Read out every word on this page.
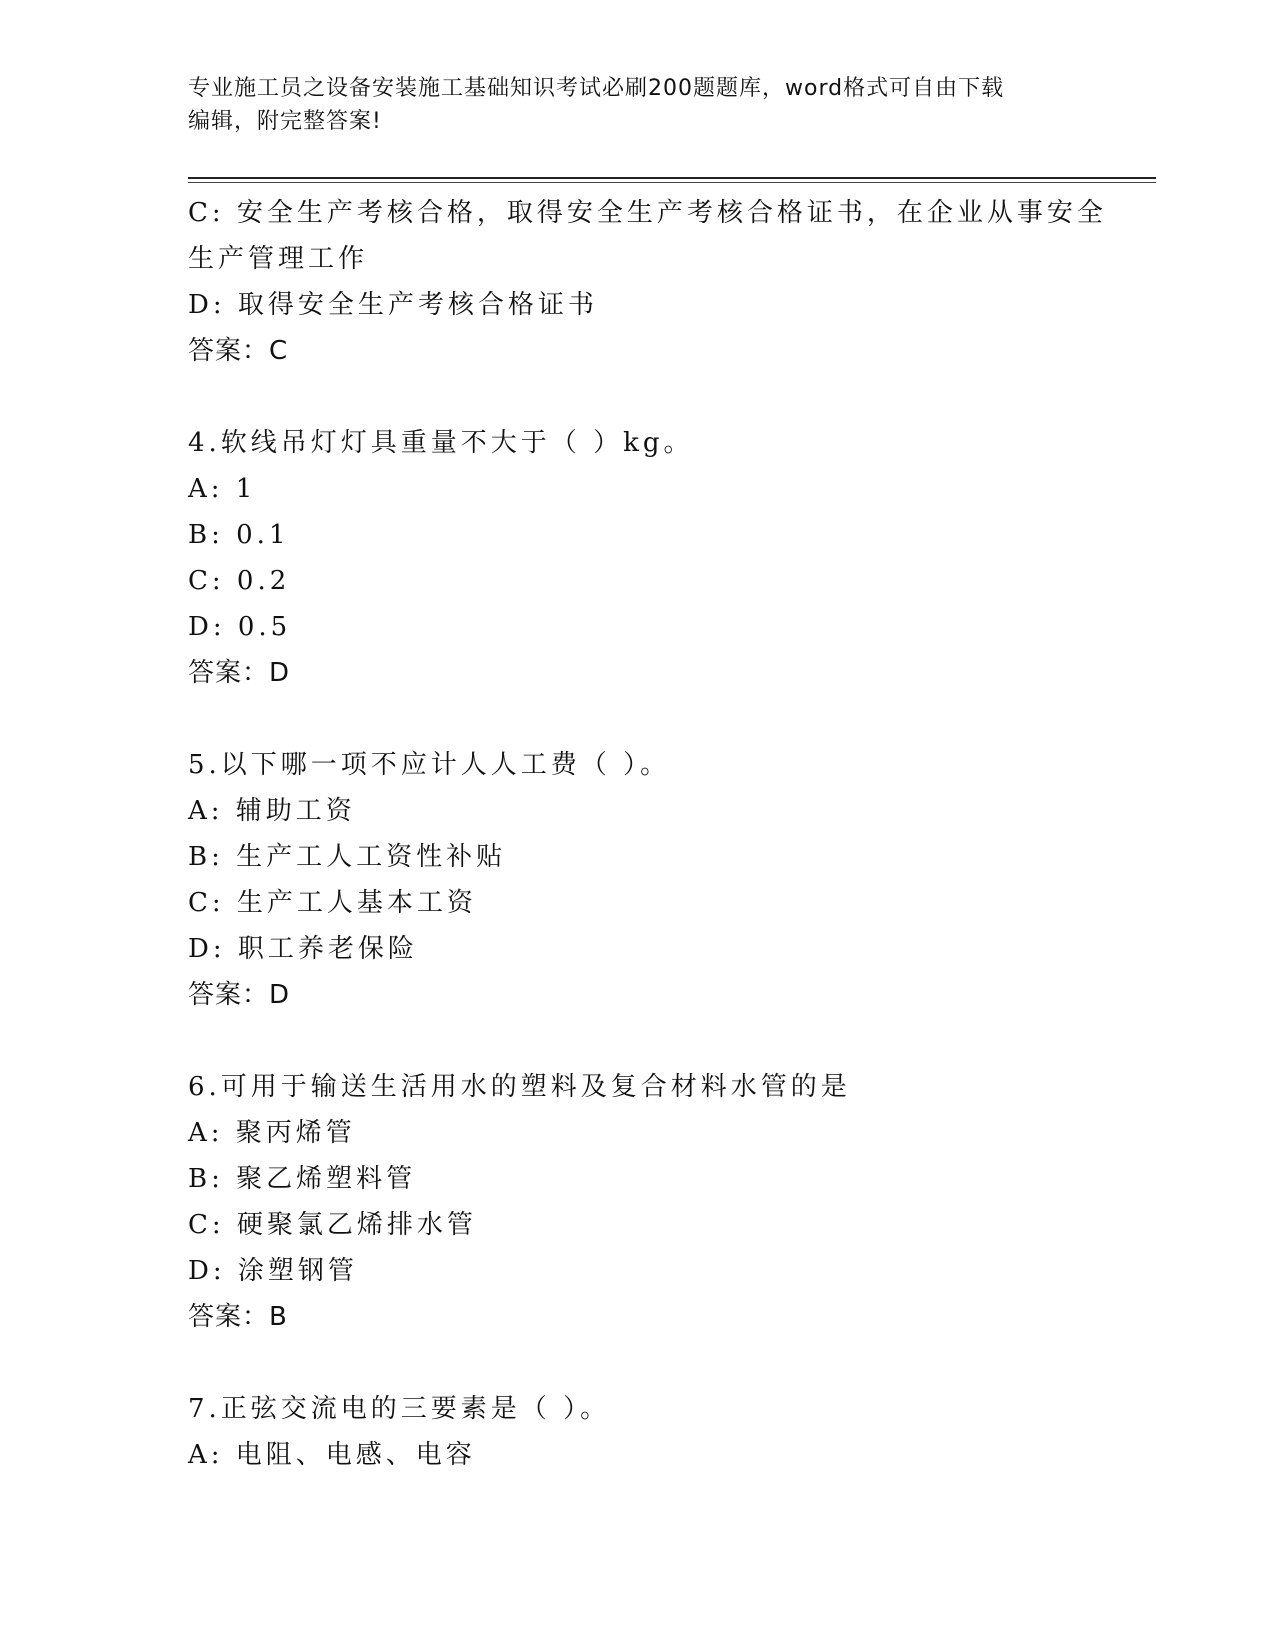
专业施工员之设备安装施工基础知识考试必刷200题题库，word格式可自由下载
编辑，附完整答案!
C: 安全生产考核合格，取得安全生产考核合格证书，在企业从事安全
生产管理工作
D: 取得安全生产考核合格证书
答案：C
4.软线吊灯灯具重量不大于（ ）kg。
A: 1
B: 0.1
C: 0.2
D: 0.5
答案：D
5.以下哪一项不应计人人工费（ ）。
A: 辅助工资
B: 生产工人工资性补贴
C: 生产工人基本工资
D: 职工养老保险
答案：D
6.可用于输送生活用水的塑料及复合材料水管的是
A: 聚丙烯管
B: 聚乙烯塑料管
C: 硬聚氯乙烯排水管
D: 涂塑钢管
答案：B
7.正弦交流电的三要素是（ ）。
A: 电阻、电感、电容
